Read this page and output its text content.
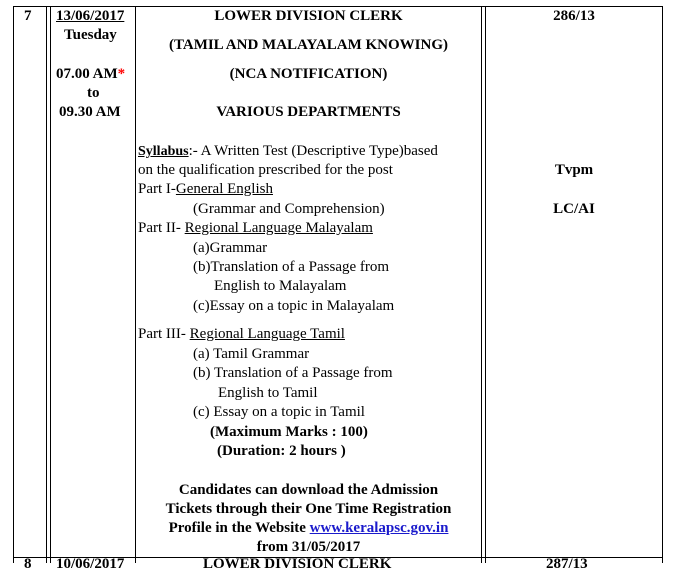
7 13/06/2017
Tuesday
07.00 AM*
to
09.30 AM
LOWER DIVISION CLERK
(TAMIL AND MALAYALAM KNOWING)
(NCA NOTIFICATION)
VARIOUS DEPARTMENTS
286/13
Tvpm
LC/AI
Syllabus:- A Written Test (Descriptive Type)based
on the qualification prescribed for the post
Part I-General English
(Grammar and Comprehension)
Part II- Regional Language Malayalam
(a)Grammar
(b)Translation of a Passage from
English to Malayalam
(c)Essay on a topic in Malayalam
Part III- Regional Language Tamil
(a) Tamil Grammar
(b) Translation of a Passage from
English to Tamil
(c) Essay on a topic in Tamil
(Maximum Marks : 100)
(Duration: 2 hours )
Candidates can download the Admission
Tickets through their One Time Registration
Profile in the Website www.keralapsc.gov.in
from 31/05/2017
8 10/06/2017	LOWER DIVISION CLERK	287/13
